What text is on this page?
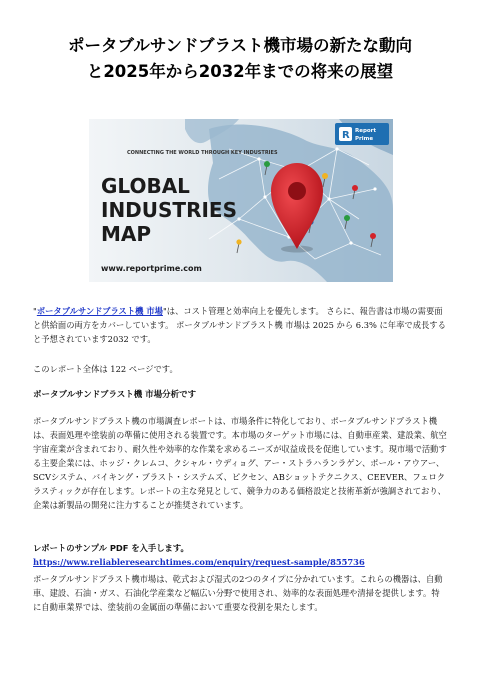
ポータブルサンドブラスト機市場の新たな動向
と2025年から2032年までの将来の展望
CONNECTING THE WORLD THROUGH KEY INDUSTRIES
GLOBAL
INDUSTRIES
MAP
www.reportprime.com
R Report
Prime

"ポータブルサンドブラスト機 市場"は、コスト管理と効率向上を優先します。 さらに、報告書は市場の需要面と供給面の両方をカバーしています。 ポータブルサンドブラスト機 市場は 2025 から 6.3% に年率で成長すると予想されています2032 です。

このレポート全体は 122 ページです。

ポータブルサンドブラスト機 市場分析です

ポータブルサンドブラスト機の市場調査レポートは、市場条件に特化しており、ポータブルサンドブラスト機は、表面処理や塗装前の準備に使用される装置です。本市場のターゲット市場には、自動車産業、建設業、航空宇宙産業が含まれており、耐久性や効率的な作業を求めるニーズが収益成長を促進しています。現市場で活動する主要企業には、ホッジ・クレムコ、クシャル・ウディョグ、アー・ストラハランラゲン、ポール・アウアー、SCVシステム、バイキング・ブラスト・システムズ、ピクセン、ABショットテクニクス、CEEVER、フェロクラスティックが存在します。レポートの主な発見として、競争力のある価格設定と技術革新が強調されており、企業は新製品の開発に注力することが推奨されています。

レポートのサンプル PDF を入手します。 https://www.reliableresearchtimes.com/enquiry/request-sample/855736

ポータブルサンドブラスト機市場は、乾式および湿式の2つのタイプに分かれています。これらの機器は、自動車、建設、石油・ガス、石油化学産業など幅広い分野で使用され、効率的な表面処理や清掃を提供します。特に自動車業界では、塗装前の金属面の準備において重要な役割を果たします。
